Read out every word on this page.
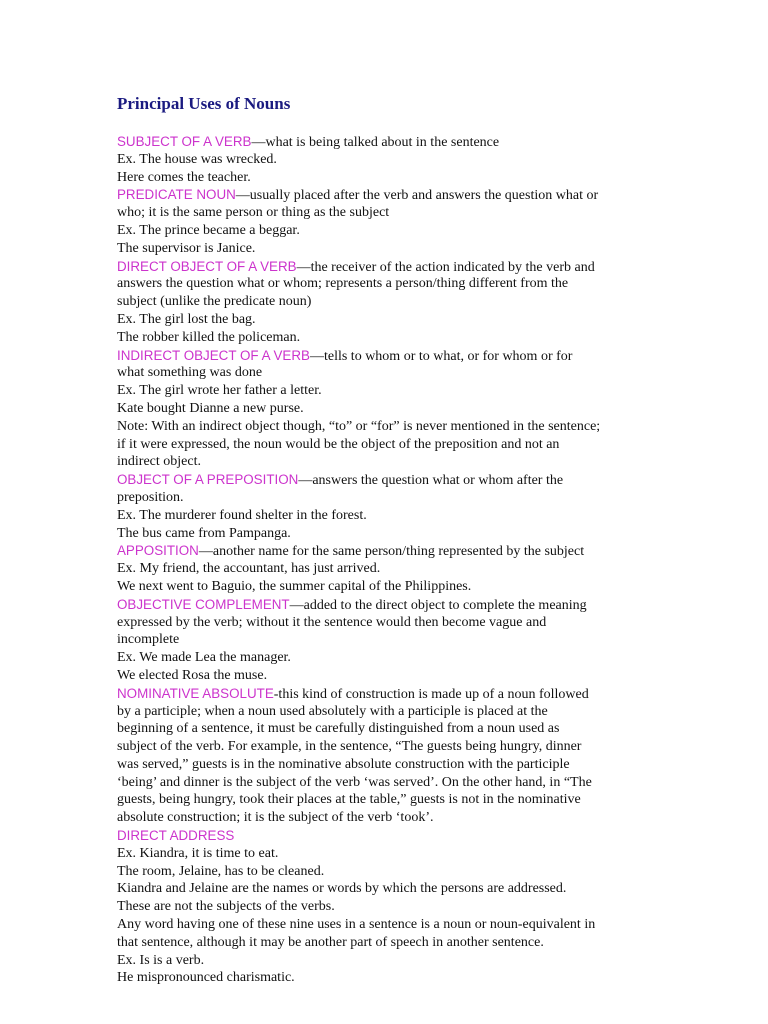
Principal Uses of Nouns
SUBJECT OF A VERB—what is being talked about in the sentence
Ex. The house was wrecked.
Here comes the teacher.
PREDICATE NOUN—usually placed after the verb and answers the question what or
who; it is the same person or thing as the subject
Ex. The prince became a beggar.
The supervisor is Janice.
DIRECT OBJECT OF A VERB—the receiver of the action indicated by the verb and
answers the question what or whom; represents a person/thing different from the
subject (unlike the predicate noun)
Ex. The girl lost the bag.
The robber killed the policeman.
INDIRECT OBJECT OF A VERB—tells to whom or to what, or for whom or for
what something was done
Ex. The girl wrote her father a letter.
Kate bought Dianne a new purse.
Note: With an indirect object though, “to” or “for” is never mentioned in the sentence;
if it were expressed, the noun would be the object of the preposition and not an
indirect object.
OBJECT OF A PREPOSITION—answers the question what or whom after the
preposition.
Ex. The murderer found shelter in the forest.
The bus came from Pampanga.
APPOSITION—another name for the same person/thing represented by the subject
Ex. My friend, the accountant, has just arrived.
We next went to Baguio, the summer capital of the Philippines.
OBJECTIVE COMPLEMENT—added to the direct object to complete the meaning
expressed by the verb; without it the sentence would then become vague and
incomplete
Ex. We made Lea the manager.
We elected Rosa the muse.
NOMINATIVE ABSOLUTE-this kind of construction is made up of a noun followed
by a participle; when a noun used absolutely with a participle is placed at the
beginning of a sentence, it must be carefully distinguished from a noun used as
subject of the verb. For example, in the sentence, “The guests being hungry, dinner
was served,” guests is in the nominative absolute construction with the participle
‘being’ and dinner is the subject of the verb ‘was served’. On the other hand, in “The
guests, being hungry, took their places at the table,” guests is not in the nominative
absolute construction; it is the subject of the verb ‘took’.
DIRECT ADDRESS
Ex. Kiandra, it is time to eat.
The room, Jelaine, has to be cleaned.
Kiandra and Jelaine are the names or words by which the persons are addressed.
These are not the subjects of the verbs.
Any word having one of these nine uses in a sentence is a noun or noun-equivalent in
that sentence, although it may be another part of speech in another sentence.
Ex. Is is a verb.
He mispronounced charismatic.
